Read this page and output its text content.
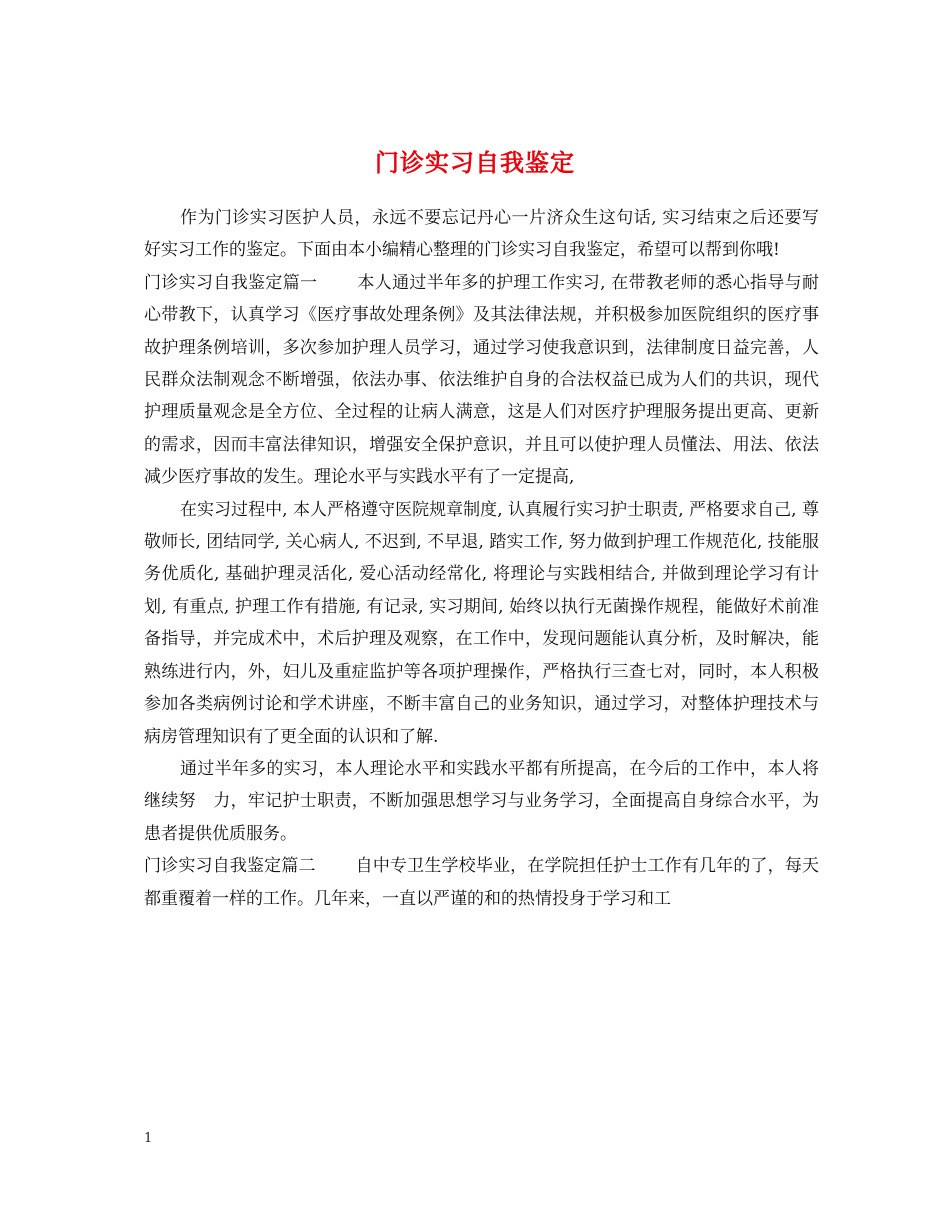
门诊实习自我鉴定

作为门诊实习医护人员，永远不要忘记丹心一片济众生这句话, 实习结束之后还要写好实习工作的鉴定。下面由本小编精心整理的门诊实习自我鉴定，希望可以帮到你哦!

门诊实习自我鉴定篇一 本人通过半年多的护理工作实习, 在带教老师的悉心指导与耐心带教下，认真学习《医疗事故处理条例》及其法律法规，并积极参加医院组织的医疗事故护理条例培训，多次参加护理人员学习，通过学习使我意识到，法律制度日益完善，人民群众法制观念不断增强，依法办事、依法维护自身的合法权益已成为人们的共识，现代护理质量观念是全方位、全过程的让病人满意，这是人们对医疗护理服务提出更高、更新的需求，因而丰富法律知识，增强安全保护意识，并且可以使护理人员懂法、用法、依法减少医疗事故的发生。理论水平与实践水平有了一定提高,

在实习过程中, 本人严格遵守医院规章制度, 认真履行实习护士职责, 严格要求自己, 尊敬师长, 团结同学, 关心病人, 不迟到, 不早退, 踏实工作, 努力做到护理工作规范化, 技能服务优质化, 基础护理灵活化, 爱心活动经常化, 将理论与实践相结合, 并做到理论学习有计划, 有重点, 护理工作有措施, 有记录, 实习期间, 始终以执行无菌操作规程，能做好术前准备指导，并完成术中，术后护理及观察，在工作中，发现问题能认真分析，及时解决，能熟练进行内，外，妇儿及重症监护等各项护理操作，严格执行三查七对，同时，本人积极参加各类病例讨论和学术讲座，不断丰富自己的业务知识，通过学习，对整体护理技术与病房管理知识有了更全面的认识和了解.

通过半年多的实习，本人理论水平和实践水平都有所提高，在今后的工作中，本人将继续努　力，牢记护士职责，不断加强思想学习与业务学习，全面提高自身综合水平，为患者提供优质服务。

门诊实习自我鉴定篇二 自中专卫生学校毕业，在学院担任护士工作有几年的了，每天都重覆着一样的工作。几年来，一直以严谨的和的热情投身于学习和工

1
